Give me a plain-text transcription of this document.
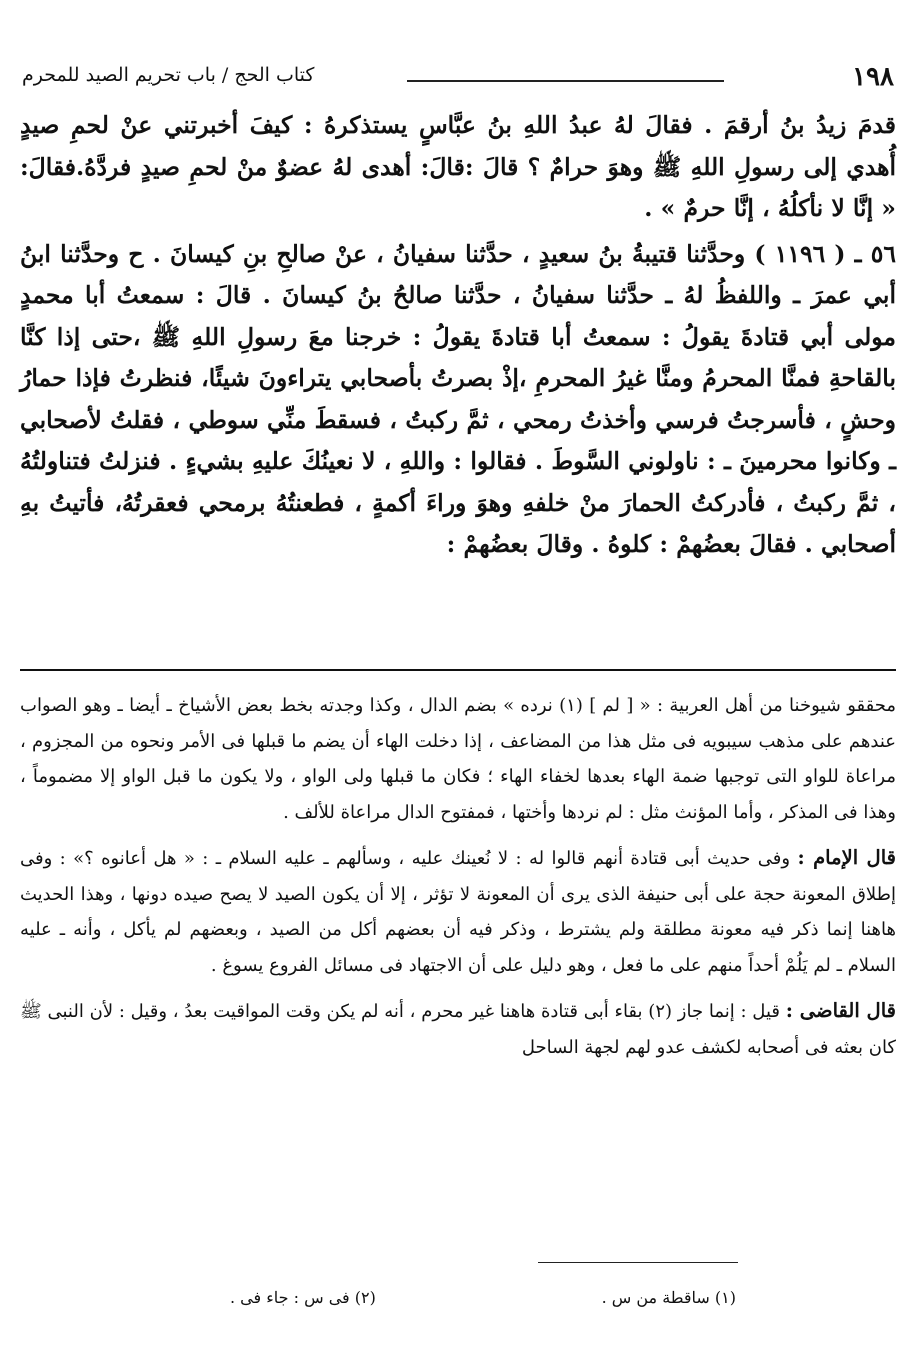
١٩٨
كتاب الحج / باب تحريم الصيد للمحرم

قدمَ زيدُ بنُ أرقمَ . فقالَ لهُ عبدُ اللهِ بنُ عبَّاسٍ يستذكرهُ : كيفَ أخبرتني عنْ لحمِ صيدٍ أُهدي إلى رسولِ اللهِ ﷺ وهوَ حرامٌ ؟ قالَ :قالَ: أهدى لهُ عضوٌ منْ لحمِ صيدٍ فردَّهُ.فقالَ: « إنَّا لا نأكلُهُ ، إنَّا حرمٌ » .

٥٦ ـ ( ١١٩٦ ) وحدَّثنا قتيبةُ بنُ سعيدٍ ، حدَّثنا سفيانُ ، عنْ صالحِ بنِ كيسانَ . ح وحدَّثنا ابنُ أبي عمرَ ـ واللفظُ لهُ ـ حدَّثنا سفيانُ ، حدَّثنا صالحُ بنُ كيسانَ . قالَ : سمعتُ أبا محمدٍ مولى أبي قتادةَ يقولُ : سمعتُ أبا قتادةَ يقولُ : خرجنا معَ رسولِ اللهِ ﷺ ،حتى إذا كنَّا بالقاحةِ فمنَّا المحرمُ ومنَّا غيرُ المحرمِ ،إذْ بصرتُ بأصحابي يتراءونَ شيئًا، فنظرتُ فإذا حمارُ وحشٍ ، فأسرجتُ فرسي وأخذتُ رمحي ، ثمَّ ركبتُ ، فسقطَ منِّي سوطي ، فقلتُ لأصحابي ـ وكانوا محرمينَ ـ : ناولوني السَّوطَ . فقالوا : واللهِ ، لا نعينُكَ عليهِ بشيءٍ . فنزلتُ فتناولتُهُ ، ثمَّ ركبتُ ، فأدركتُ الحمارَ منْ خلفهِ وهوَ وراءَ أكمةٍ ، فطعنتُهُ برمحي فعقرتُهُ، فأتيتُ بهِ أصحابي . فقالَ بعضُهمْ : كلوهُ . وقالَ بعضُهمْ :

محققو شيوخنا من أهل العربية : « [ لم ] (١) نرده » بضم الدال ، وكذا وجدته بخط بعض الأشياخ ـ أيضا ـ وهو الصواب عندهم على مذهب سيبويه فى مثل هذا من المضاعف ، إذا دخلت الهاء أن يضم ما قبلها فى الأمر ونحوه من المجزوم ، مراعاة للواو التى توجبها ضمة الهاء بعدها لخفاء الهاء ؛ فكان ما قبلها ولى الواو ، ولا يكون ما قبل الواو إلا مضموماً ، وهذا فى المذكر ، وأما المؤنث مثل : لم نردها وأختها ، فمفتوح الدال مراعاة للألف .

قال الإمام : وفى حديث أبى قتادة أنهم قالوا له : لا نُعينك عليه ، وسألهم ـ عليه السلام ـ : « هل أعانوه ؟» : وفى إطلاق المعونة حجة على أبى حنيفة الذى يرى أن المعونة لا تؤثر ، إلا أن يكون الصيد لا يصح صيده دونها ، وهذا الحديث هاهنا إنما ذكر فيه معونة مطلقة ولم يشترط ، وذكر فيه أن بعضهم أكل من الصيد ، وبعضهم لم يأكل ، وأنه ـ عليه السلام ـ لم يَلُمْ أحداً منهم على ما فعل ، وهو دليل على أن الاجتهاد فى مسائل الفروع يسوغ .

قال القاضى : قيل : إنما جاز (٢) بقاء أبى قتادة هاهنا غير محرم ، أنه لم يكن وقت المواقيت بعدُ ، وقيل : لأن النبى ﷺ كان بعثه فى أصحابه لكشف عدو لهم لجهة الساحل

(١) ساقطة من س .
(٢) فى س : جاء فى .
